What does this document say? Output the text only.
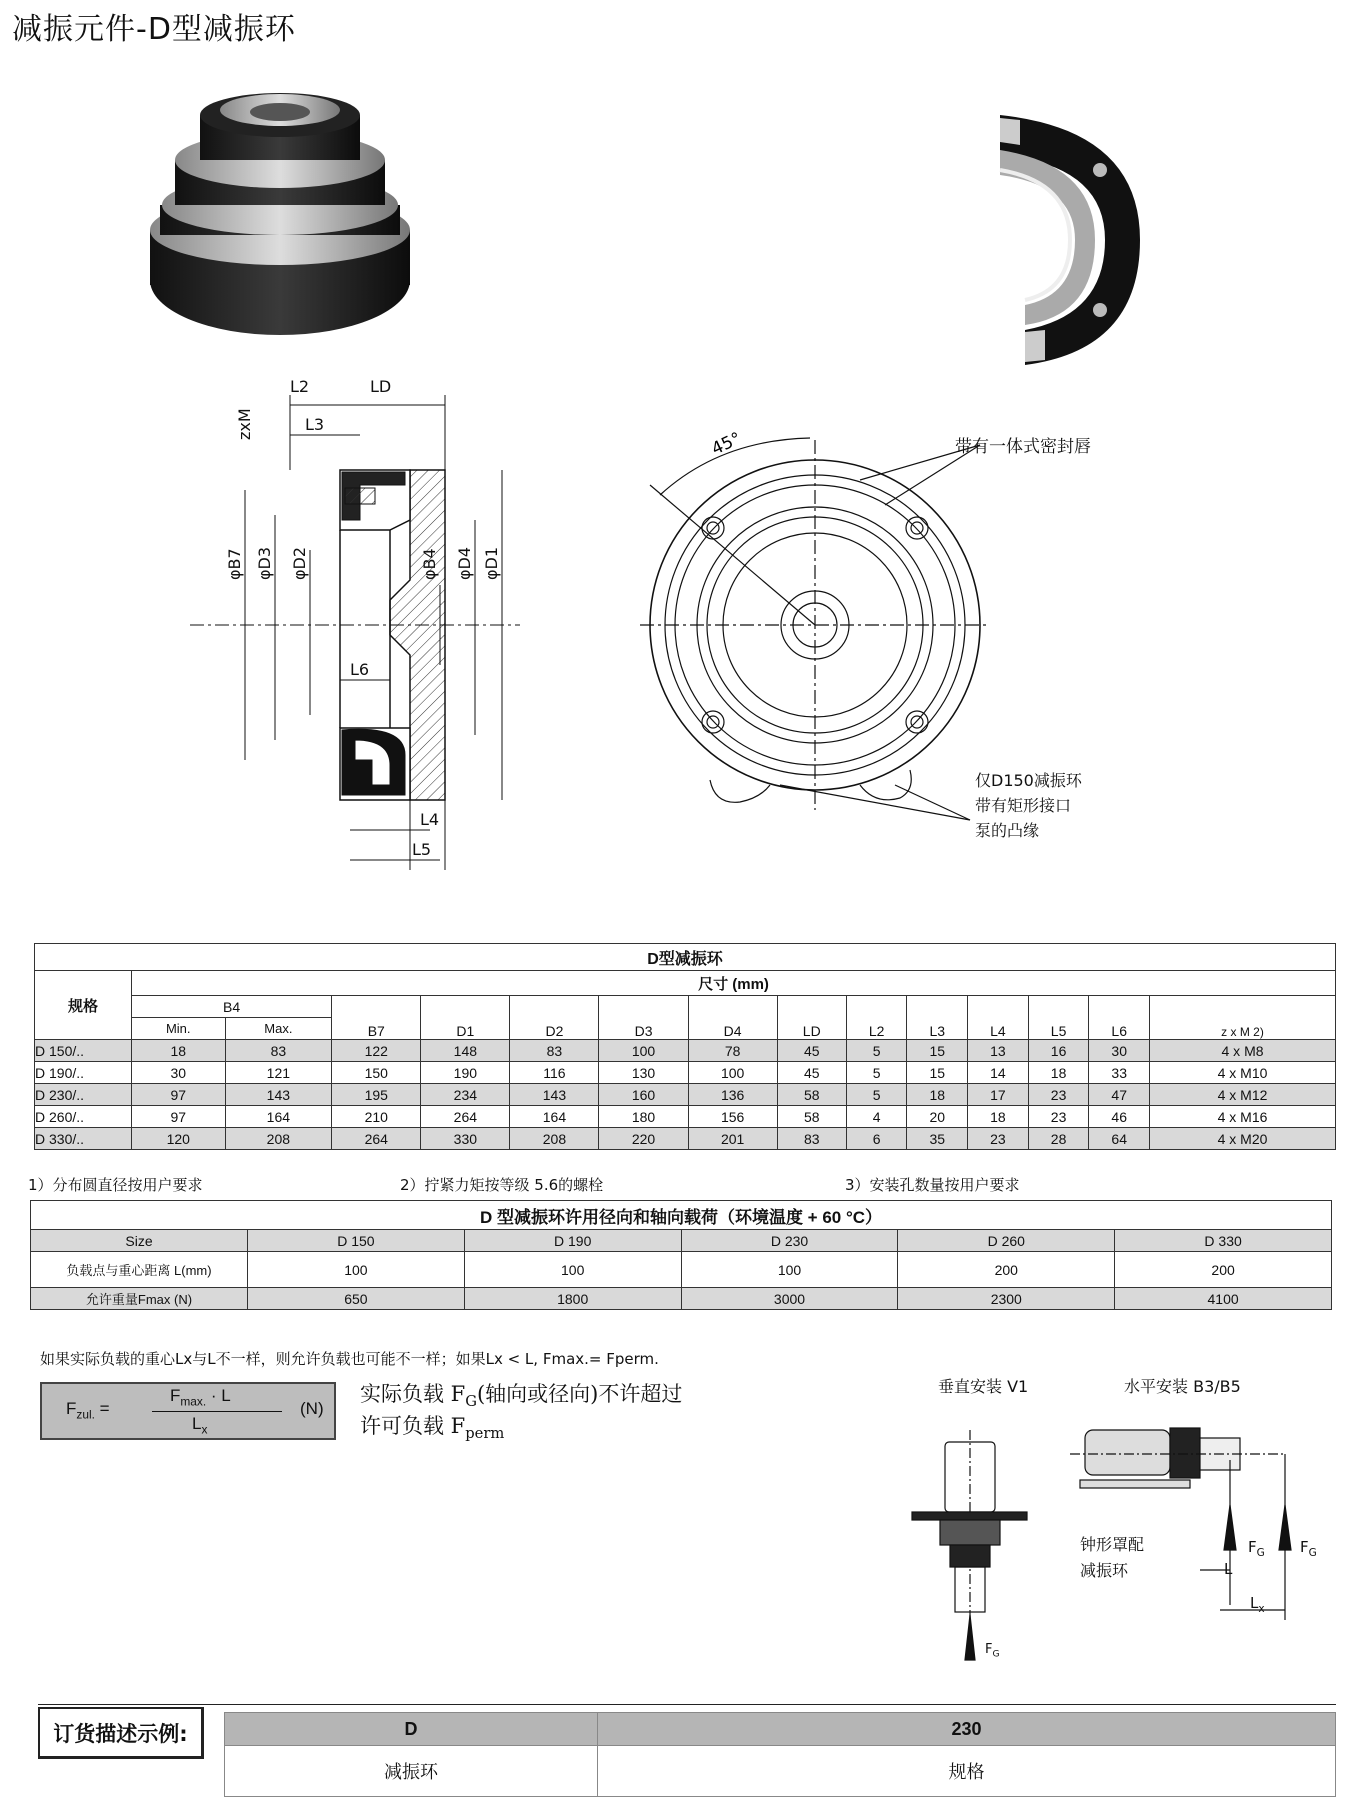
减振元件-D型减振环
L2	LD
L3
zxM
φB7 φD3 φD2	φB4 φD4 φD1
L6
L4
L5
45°	带有一体式密封唇
仅D150减振环
带有矩形接口
泵的凸缘
D型减振环														
规格	尺寸 (mm)													
	B4		B7	D1	D2	D3	D4	LD	L2	L3	L4	L5	L6	z x M 2)
	Min.	Max.												
D 150/..	18	83	122	148	83	100	78	45	5	15	13	16	30	4 x M8
D 190/..	30	121	150	190	116	130	100	45	5	15	14	18	33	4 x M10
D 230/..	97	143	195	234	143	160	136	58	5	18	17	23	47	4 x M12
D 260/..	97	164	210	264	164	180	156	58	4	20	18	23	46	4 x M16
D 330/..	120	208	264	330	208	220	201	83	6	35	23	28	64	4 x M20
1）分布圆直径按用户要求	2）拧紧力矩按等级 5.6的螺栓	3）安装孔数量按用户要求
D 型减振环许用径向和轴向载荷（环境温度 + 60 °C）					
Size	D 150	D 190	D 230	D 260	D 330
负载点与重心距离 L(mm)	100	100	100	200	200
允许重量Fmax (N)	650	1800	3000	2300	4100
如果实际负载的重心Lx与L不一样，则允许负载也可能不一样；如果Lx < L, Fmax.= Fperm.
$F_{zul.}$ =
$F_{max.} \cdot L$
$L_x$
(N)
实际负载 $F_G$(轴向或径向)不许超过
许可负载 $F_{perm}$
垂直安装 V1	水平安装 B3/B5
钟形罩配
减振环
$F_G$
$F_G$ $F_G$
L
$L_x$
订货描述示例:	D	230
减振环	规格
